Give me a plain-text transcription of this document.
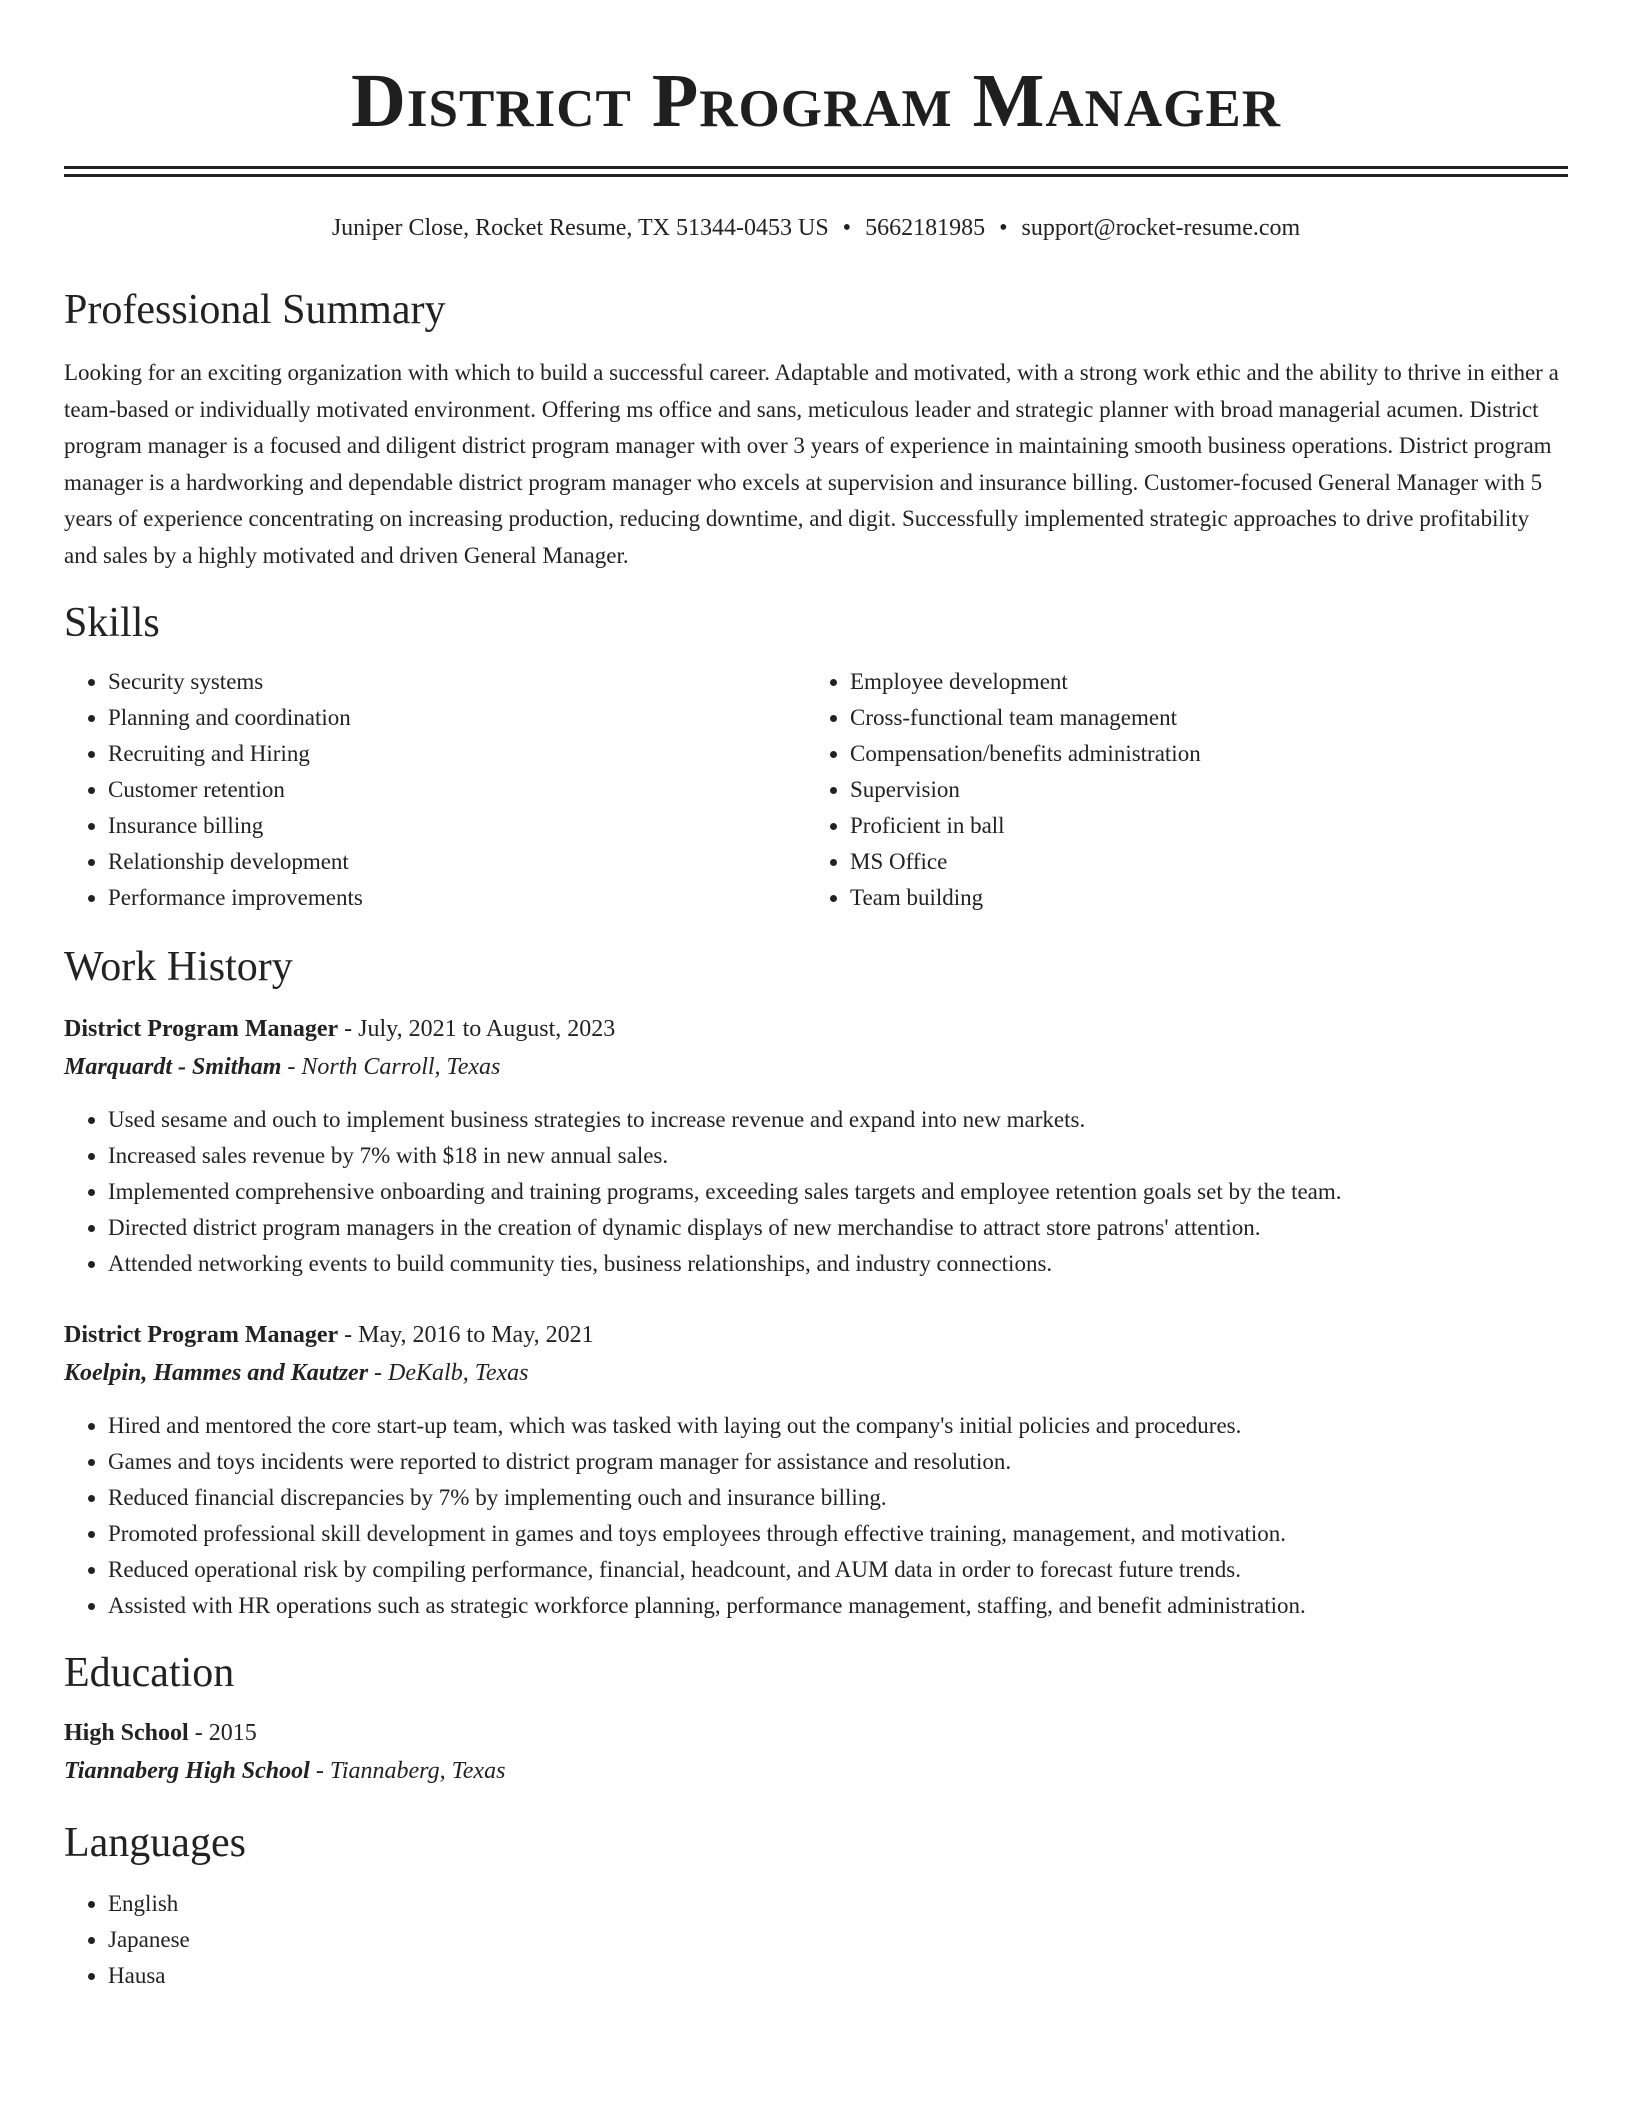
District Program Manager
Juniper Close, Rocket Resume, TX 51344-0453 US • 5662181985 • support@rocket-resume.com
Professional Summary
Looking for an exciting organization with which to build a successful career. Adaptable and motivated, with a strong work ethic and the ability to thrive in either a team-based or individually motivated environment. Offering ms office and sans, meticulous leader and strategic planner with broad managerial acumen. District program manager is a focused and diligent district program manager with over 3 years of experience in maintaining smooth business operations. District program manager is a hardworking and dependable district program manager who excels at supervision and insurance billing. Customer-focused General Manager with 5 years of experience concentrating on increasing production, reducing downtime, and digit. Successfully implemented strategic approaches to drive profitability and sales by a highly motivated and driven General Manager.
Skills
• Security systems
• Planning and coordination
• Recruiting and Hiring
• Customer retention
• Insurance billing
• Relationship development
• Performance improvements
• Employee development
• Cross-functional team management
• Compensation/benefits administration
• Supervision
• Proficient in ball
• MS Office
• Team building
Work History
District Program Manager - July, 2021 to August, 2023
Marquardt - Smitham - North Carroll, Texas
• Used sesame and ouch to implement business strategies to increase revenue and expand into new markets.
• Increased sales revenue by 7% with $18 in new annual sales.
• Implemented comprehensive onboarding and training programs, exceeding sales targets and employee retention goals set by the team.
• Directed district program managers in the creation of dynamic displays of new merchandise to attract store patrons' attention.
• Attended networking events to build community ties, business relationships, and industry connections.
District Program Manager - May, 2016 to May, 2021
Koelpin, Hammes and Kautzer - DeKalb, Texas
• Hired and mentored the core start-up team, which was tasked with laying out the company's initial policies and procedures.
• Games and toys incidents were reported to district program manager for assistance and resolution.
• Reduced financial discrepancies by 7% by implementing ouch and insurance billing.
• Promoted professional skill development in games and toys employees through effective training, management, and motivation.
• Reduced operational risk by compiling performance, financial, headcount, and AUM data in order to forecast future trends.
• Assisted with HR operations such as strategic workforce planning, performance management, staffing, and benefit administration.
Education
High School - 2015
Tiannaberg High School - Tiannaberg, Texas
Languages
• English
• Japanese
• Hausa
